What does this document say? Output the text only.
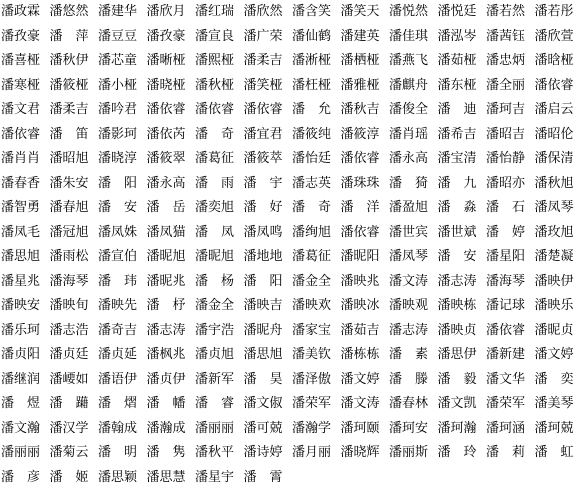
潘政霖 潘悠然 潘建华 潘欣月 潘红瑞 潘欣然 潘含笑 潘笑天 潘悦然 潘悦廷 潘若然 潘若彤
潘孜豪 潘　萍 潘豆豆 潘孜豪 潘宣良 潘广荣 潘仙鹤 潘建英 潘佳琪 潘泓岑 潘茜钰 潘欣萱
潘喜桠 潘秋伊 潘芯童 潘晰桠 潘熙桠 潘柔吉 潘淅桠 潘栖桠 潘燕飞 潘茹桠 潘忠炳 潘晗桠
潘寒桠 潘筱桠 潘小桠 潘晓桠 潘秋桠 潘笑桠 潘枉桠 潘雅桠 潘麒舟 潘东桠 潘全丽 潘依睿
潘文君 潘柔吉 潘吟君 潘依睿 潘依睿 潘依睿 潘　允 潘秋吉 潘俊全 潘　迪 潘珂吉 潘启云
潘依睿 潘　笛 潘影珂 潘依芮 潘　奇 潘宜君 潘筱纯 潘筱淳 潘肖瑶 潘希吉 潘昭吉 潘昭伦
潘肖肖 潘昭旭 潘晓淳 潘筱翠 潘葛征 潘筱萃 潘怡廷 潘依睿 潘永高 潘宝清 潘怡静 潘保清
潘春香 潘朱安 潘　阳 潘永高 潘　雨 潘　宇 潘志英 潘珠珠 潘　猗 潘　九 潘昭亦 潘秋旭
潘智勇 潘春旭 潘　安 潘　岳 潘奕旭 潘　好 潘　奇 潘　洋 潘盈旭 潘　淼 潘　石 潘凤琴
潘凤毛 潘冠旭 潘凤姝 潘凤猫 潘　凤 潘凤鸣 潘绚旭 潘依睿 潘世宾 潘世斌 潘　婷 潘玫旭
潘思旭 潘雨松 潘宣伯 潘昵旭 潘昵旭 潘地地 潘葛征 潘昵阳 潘凤琴 潘　安 潘星阳 潘楚凝
潘星兆 潘海琴 潘　玮 潘昵兆 潘　杨 潘　阳 潘金全 潘映兆 潘文涛 潘志涛 潘海琴 潘映伊
潘映安 潘映旬 潘映先 潘　杼 潘金全 潘映吉 潘映欢 潘映冰 潘映观 潘映栋 潘记球 潘映乐
潘乐珂 潘志浩 潘奇吉 潘志涛 潘宇浩 潘昵舟 潘家宝 潘茹吉 潘志涛 潘映贞 潘依睿 潘昵贞
潘贞阳 潘贞廷 潘贞延 潘枫兆 潘贞旭 潘思旭 潘美钦 潘栋栋 潘　素 潘思伊 潘新建 潘文婷
潘继润 潘崾如 潘语伊 潘贞伊 潘新军 潘　昊 潘泽傲 潘文婷 潘　滕 潘　毅 潘文华 潘　奕
潘　煜 潘　躤 潘　熠 潘　幡 潘　睿 潘文俶 潘荣军 潘文涛 潘春林 潘文凯 潘荣军 潘美琴
潘文瀚 潘汉学 潘翰成 潘瀚成 潘丽丽 潘可兢 潘瀚学 潘珂颐 潘珂安 潘珂瀚 潘珂涵 潘珂兢
潘丽丽 潘菊云 潘　明 潘　隽 潘秋平 潘诗婷 潘月丽 潘晓辉 潘丽斯 潘　玲 潘　莉 潘　虹
潘　彦 潘　姬 潘思颖 潘思慧 潘星宇 潘　霄
